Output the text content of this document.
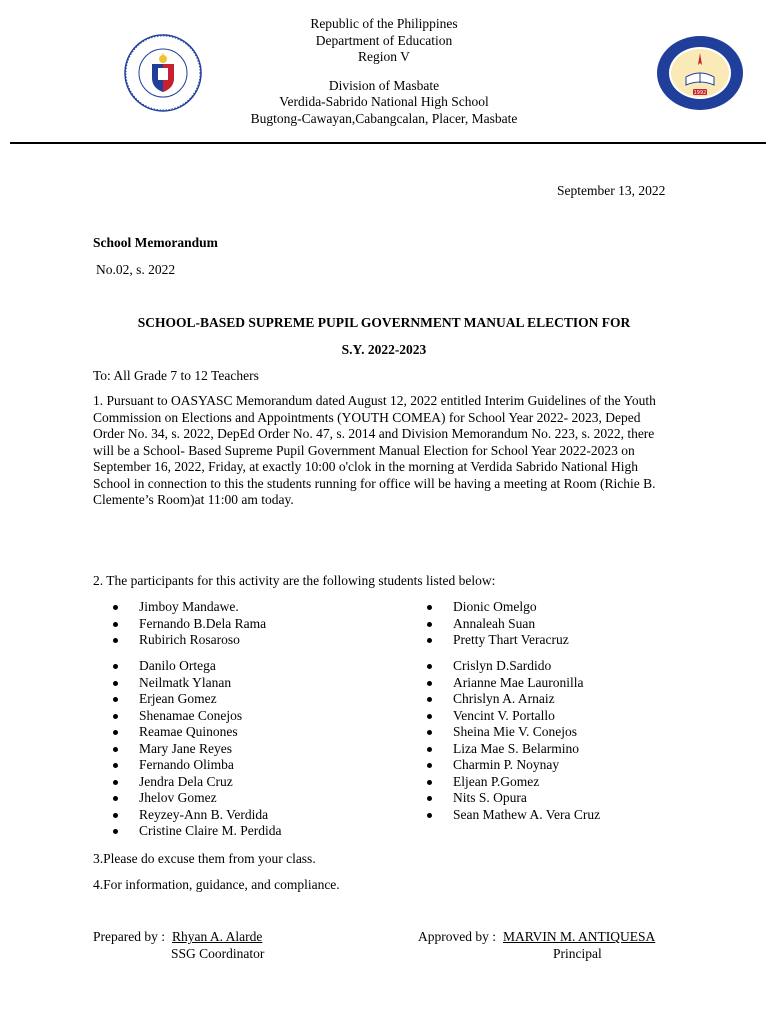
1992
Republic of the Philippines
Department of Education
Region V
Division of Masbate
Verdida-Sabrido National High School
Bugtong-Cawayan,Cabangcalan, Placer, Masbate
September 13, 2022
School Memorandum
No.02, s. 2022
SCHOOL-BASED SUPREME PUPIL GOVERNMENT MANUAL ELECTION FOR
S.Y. 2022-2023
To: All Grade 7 to 12 Teachers
1. Pursuant to OASYASC Memorandum dated August 12, 2022 entitled Interim Guidelines of the Youth Commission on Elections and Appointments (YOUTH COMEA) for School Year 2022- 2023, Deped Order No. 34, s. 2022, DepEd Order No. 47, s. 2014 and Division Memorandum No. 223, s. 2022, there will be a School- Based Supreme Pupil Government Manual Election for School Year 2022-2023 on September 16, 2022, Friday, at exactly 10:00 o'clok in the morning at Verdida Sabrido National High School in connection to this the students running for office will be having a meeting at Room (Richie B. Clemente’s Room)at 11:00 am today.
2. The participants for this activity are the following students listed below:
Jimboy Mandawe.
Fernando B.Dela Rama
Rubirich Rosaroso
Dionic Omelgo
Annaleah Suan
Pretty Thart Veracruz
Danilo Ortega
Neilmatk Ylanan
Erjean Gomez
Shenamae Conejos
Reamae Quinones
Mary Jane Reyes
Fernando Olimba
Jendra Dela Cruz
Jhelov Gomez
Reyzey-Ann B. Verdida
Cristine Claire M. Perdida
Crislyn D.Sardido
Arianne Mae Lauronilla
Chrislyn A. Arnaiz
Vencint V. Portallo
Sheina Mie V. Conejos
Liza Mae S. Belarmino
Charmin P. Noynay
Eljean P.Gomez
Nits S. Opura
Sean Mathew A. Vera Cruz
3.Please do excuse them from your class.
4.For information, guidance, and compliance.
Prepared by : Rhyan A. Alarde
SSG Coordinator
Approved by : MARVIN M. ANTIQUESA
Principal
